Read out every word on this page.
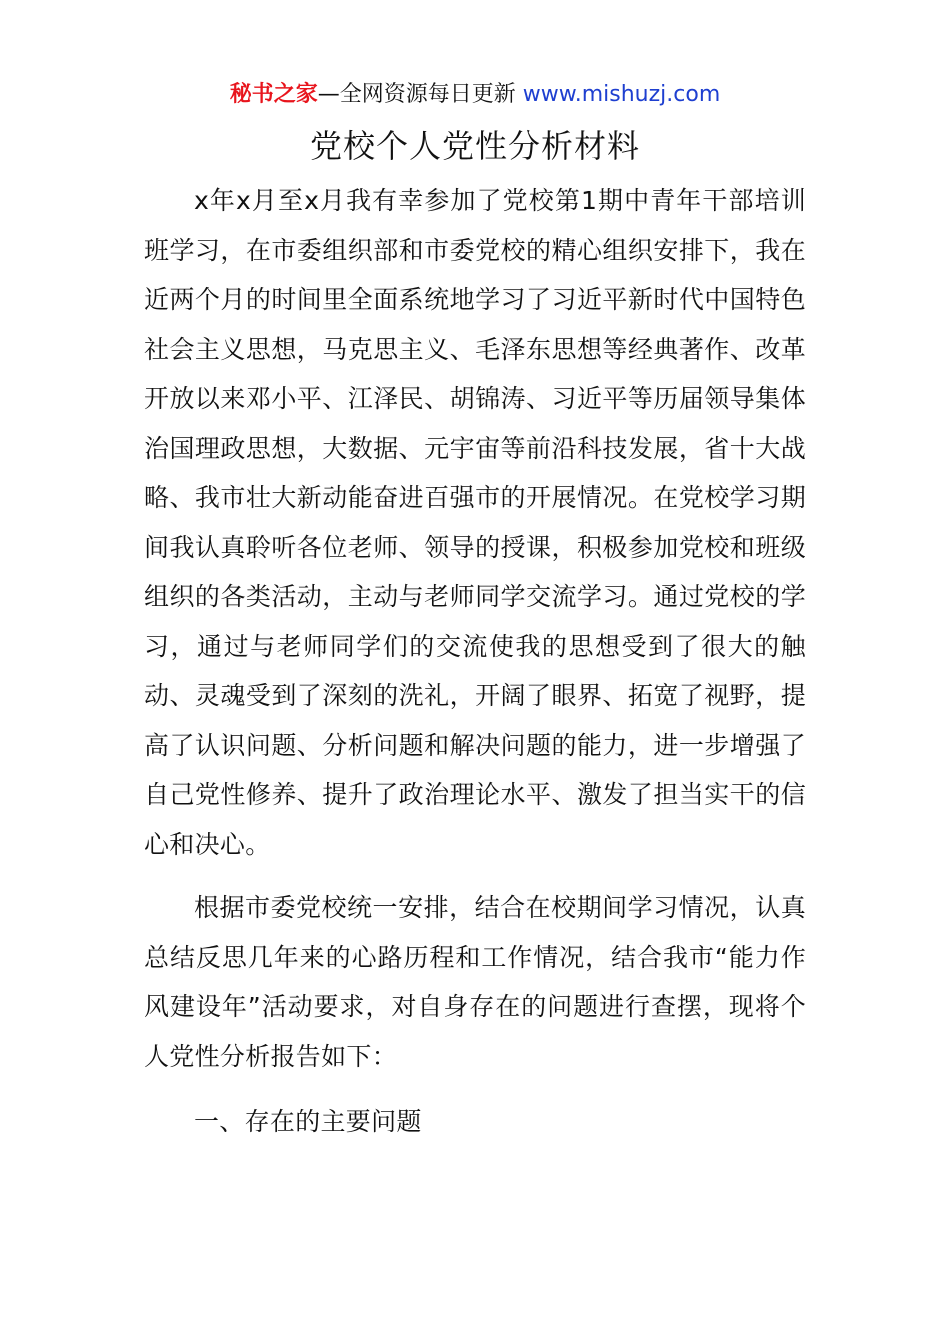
秘书之家—全网资源每日更新 www.mishuzj.com
党校个人党性分析材料

x年x月至x月我有幸参加了党校第1期中青年干部培训班学习，在市委组织部和市委党校的精心组织安排下，我在近两个月的时间里全面系统地学习了习近平新时代中国特色社会主义思想，马克思主义、毛泽东思想等经典著作、改革开放以来邓小平、江泽民、胡锦涛、习近平等历届领导集体治国理政思想，大数据、元宇宙等前沿科技发展，省十大战略、我市壮大新动能奋进百强市的开展情况。在党校学习期间我认真聆听各位老师、领导的授课，积极参加党校和班级组织的各类活动，主动与老师同学交流学习。通过党校的学习，通过与老师同学们的交流使我的思想受到了很大的触动、灵魂受到了深刻的洗礼，开阔了眼界、拓宽了视野，提高了认识问题、分析问题和解决问题的能力，进一步增强了自己党性修养、提升了政治理论水平、激发了担当实干的信心和决心。

根据市委党校统一安排，结合在校期间学习情况，认真总结反思几年来的心路历程和工作情况，结合我市“能力作风建设年”活动要求，对自身存在的问题进行查摆，现将个人党性分析报告如下：

一、存在的主要问题
